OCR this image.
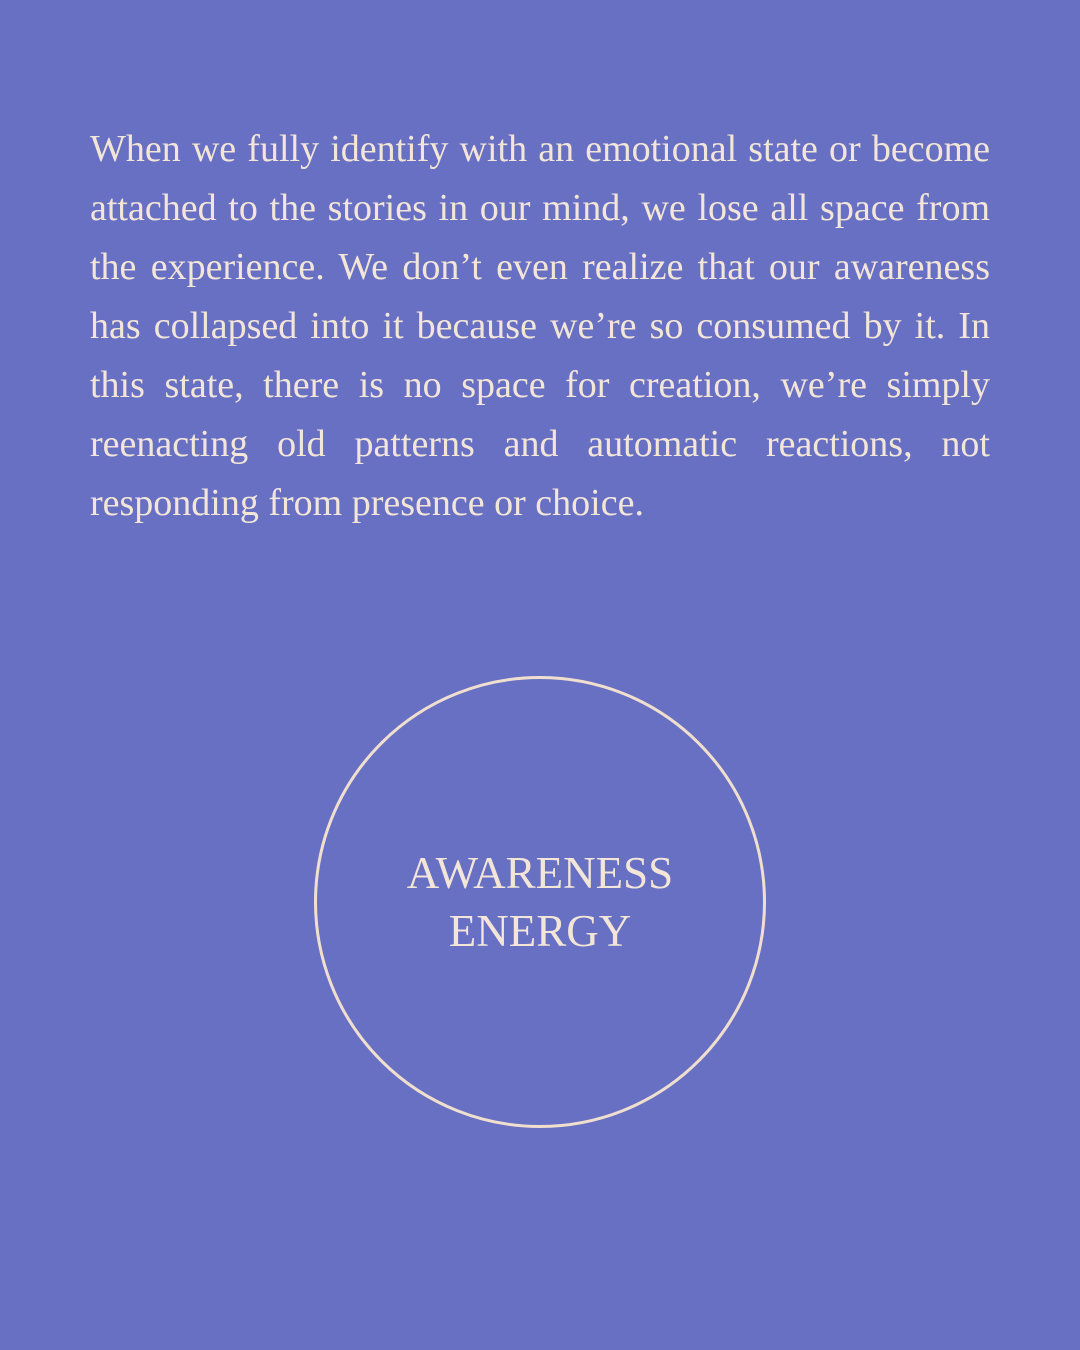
When we fully identify with an emotional state or become attached to the stories in our mind, we lose all space from the experience. We don’t even realize that our awareness has collapsed into it because we’re so consumed by it. In this state, there is no space for creation, we’re simply reenacting old patterns and automatic reactions, not responding from presence or choice.

AWARENESS
ENERGY
